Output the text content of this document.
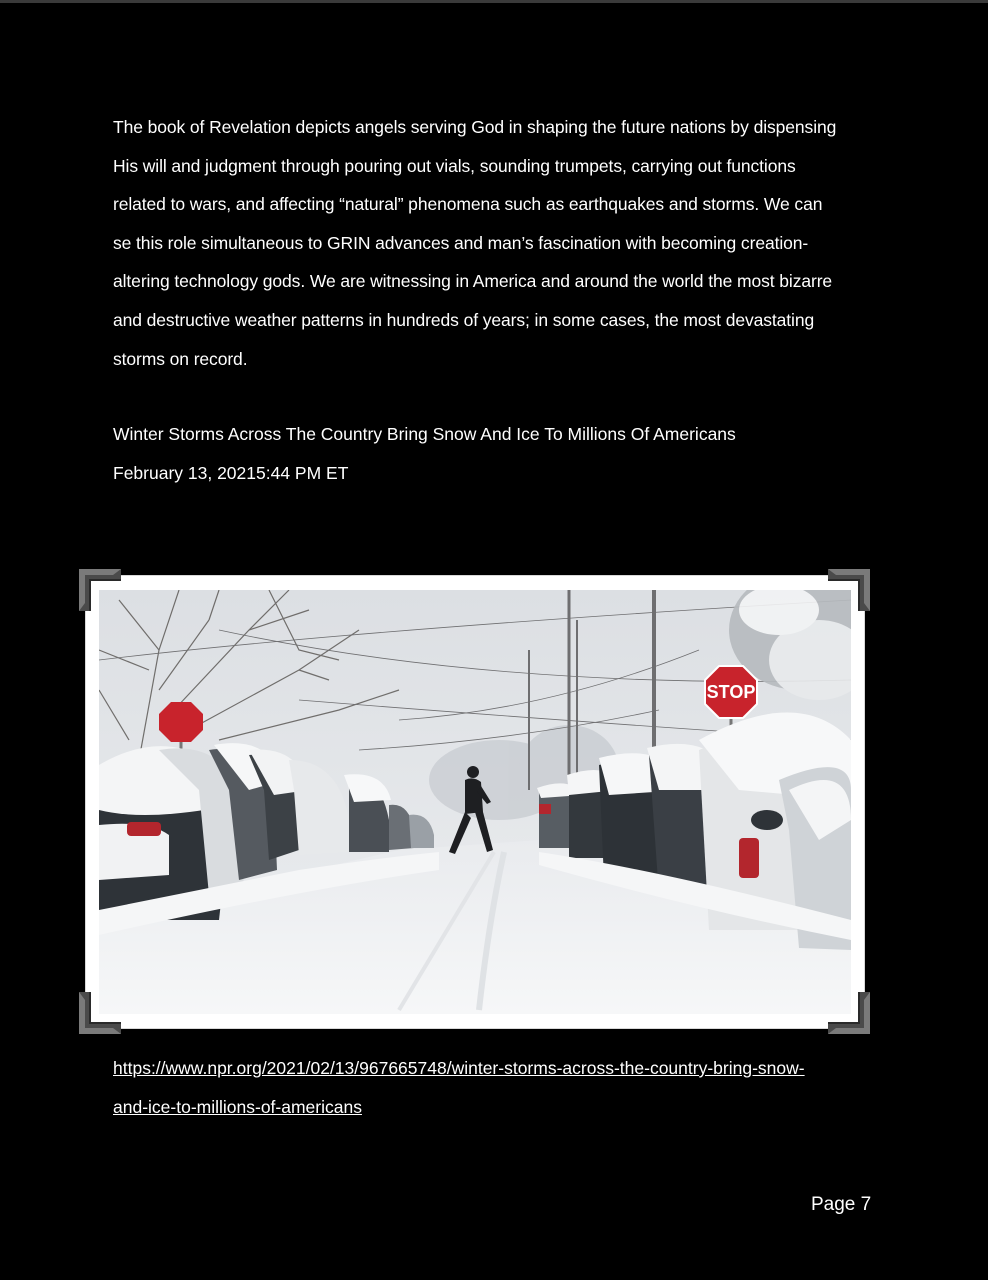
The book of Revelation depicts angels serving God in shaping the future nations by dispensing
His will and judgment through pouring out vials, sounding trumpets, carrying out functions
related to wars, and affecting “natural” phenomena such as earthquakes and storms. We can
se this role simultaneous to GRIN advances and man’s fascination with becoming creation-
altering technology gods. We are witnessing in America and around the world the most bizarre
and destructive weather patterns in hundreds of years; in some cases, the most devastating
storms on record.

Winter Storms Across The Country Bring Snow And Ice To Millions Of Americans

February 13, 20215:44 PM ET

STOP
https://www.npr.org/2021/02/13/967665748/winter-storms-across-the-country-bring-snow-
and-ice-to-millions-of-americans
Page 7
